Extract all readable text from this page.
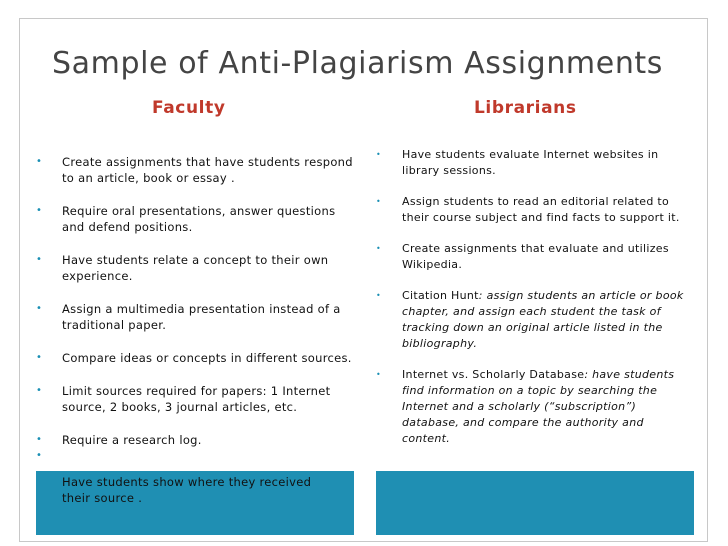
Sample of Anti-Plagiarism Assignments
Faculty	Librarians
• Create assignments that have students respond to an article, book or essay .
• Require oral presentations, answer questions and defend positions.
• Have students relate a concept to their own experience.
• Assign a multimedia presentation instead of a traditional paper.
• Compare ideas or concepts in different sources.
• Limit sources required for papers: 1 Internet source, 2 books, 3 journal articles, etc.
• Require a research log.
•

Have students show where they received their source .
• Have students evaluate Internet websites in library sessions.
• Assign students to read an editorial related to their course subject and find facts to support it.
• Create assignments that evaluate and utilizes Wikipedia.
• Citation Hunt: assign students an article or book chapter, and assign each student the task of tracking down an original article listed in the bibliography.
• Internet vs. Scholarly Database: have students find information on a topic by searching the Internet and a scholarly (“subscription”) database, and compare the authority and content.
